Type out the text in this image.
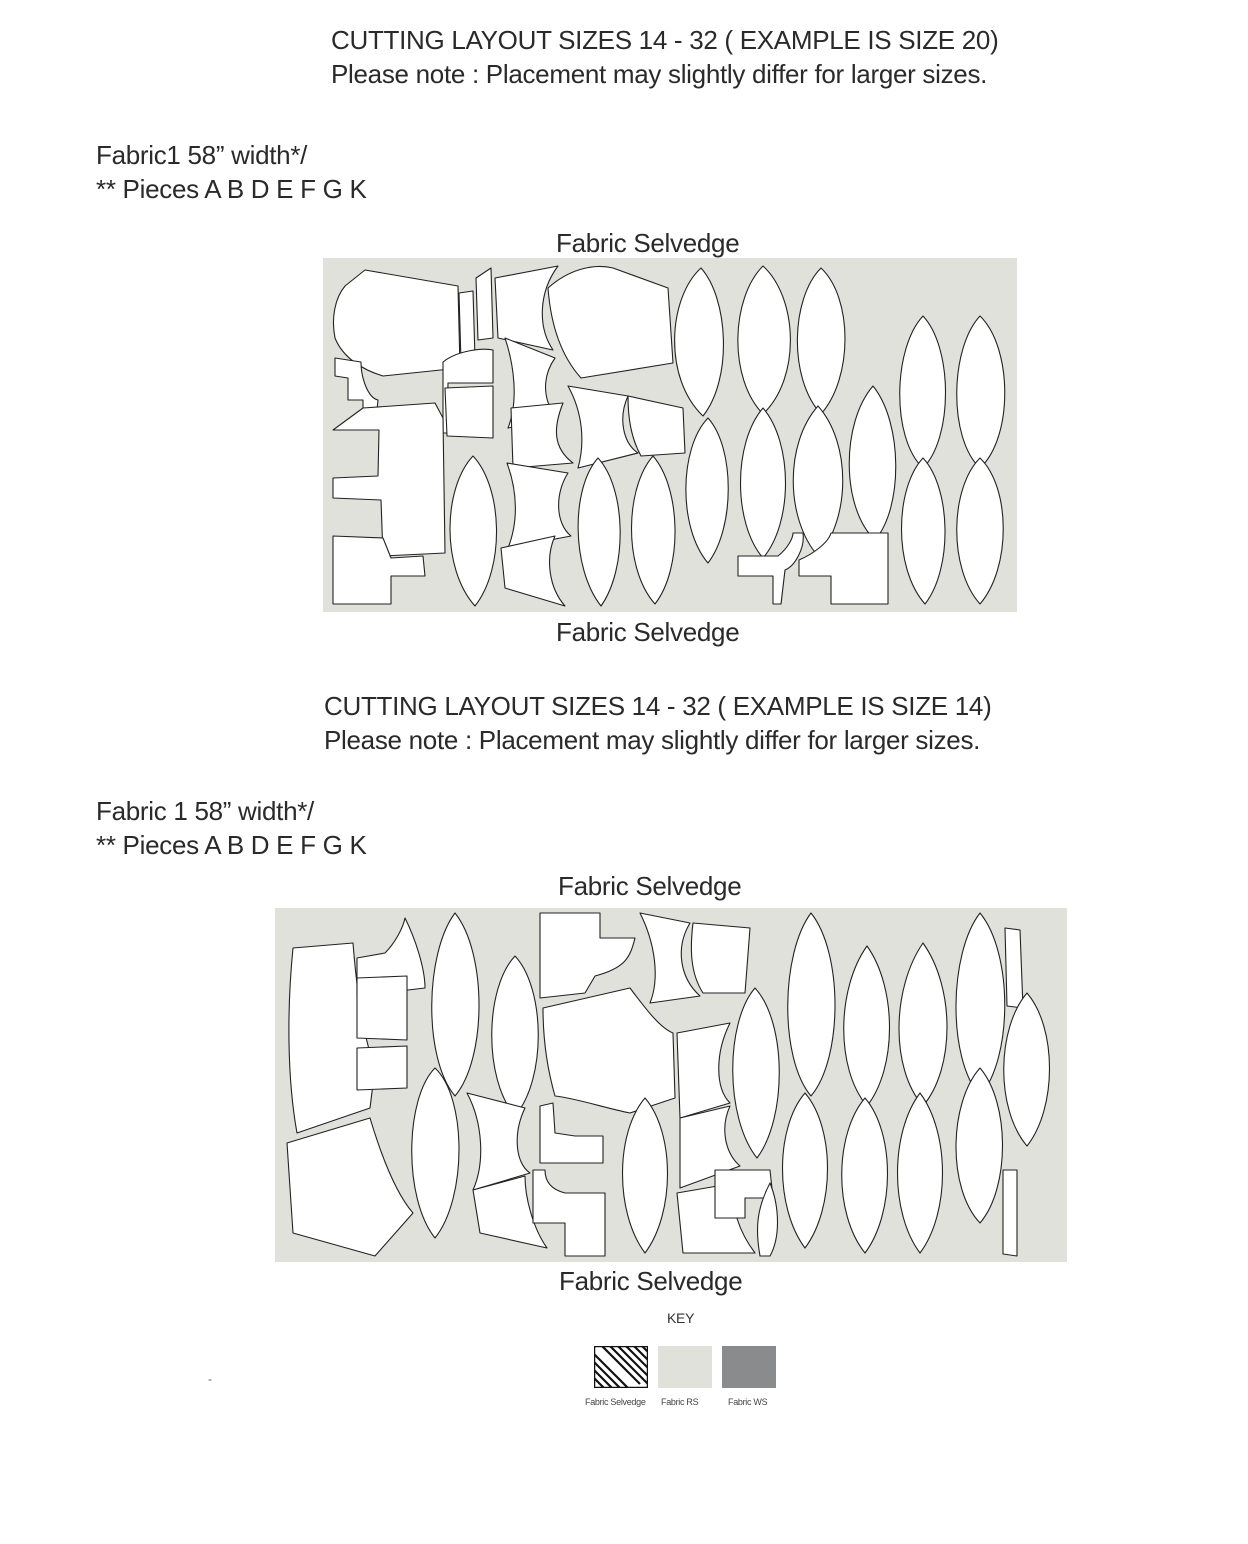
CUTTING LAYOUT SIZES 14 - 32 ( EXAMPLE IS SIZE 20)
Please note : Placement may slightly differ for larger sizes.
Fabric1 58” width*/
** Pieces A B D E F G K
Fabric Selvedge
Fabric Selvedge
CUTTING LAYOUT SIZES 14 - 32 ( EXAMPLE IS SIZE 14)
Please note : Placement may slightly differ for larger sizes.
Fabric 1 58” width*/
** Pieces A B D E F G K
Fabric Selvedge
Fabric Selvedge
KEY
Fabric Selvedge Fabric RS	Fabric WS
-
